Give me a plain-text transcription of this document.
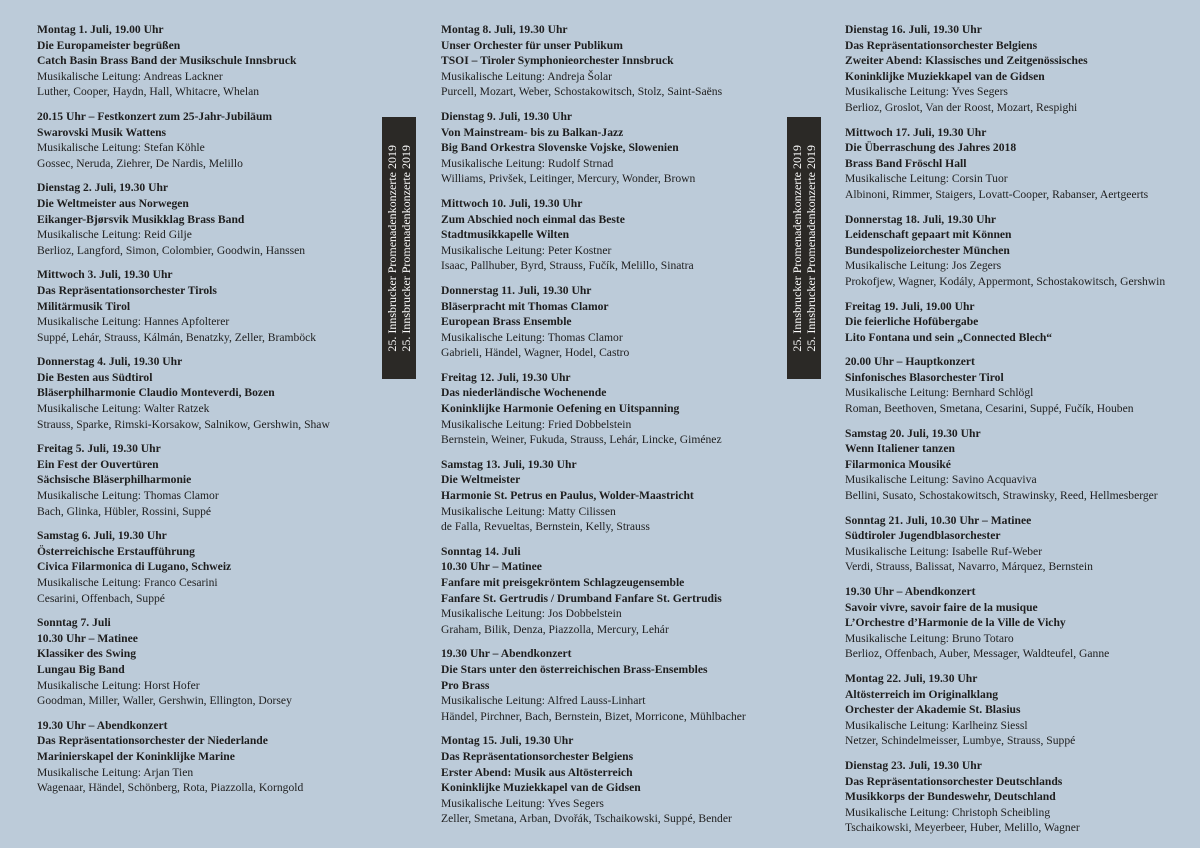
Montag 1. Juli, 19.00 Uhr
Die Europameister begrüßen
Catch Basin Brass Band der Musikschule Innsbruck
Musikalische Leitung: Andreas Lackner
Luther, Cooper, Haydn, Hall, Whitacre, Whelan
20.15 Uhr – Festkonzert zum 25-Jahr-Jubiläum
Swarovski Musik Wattens
Musikalische Leitung: Stefan Köhle
Gossec, Neruda, Ziehrer, De Nardis, Melillo
Dienstag 2. Juli, 19.30 Uhr
Die Weltmeister aus Norwegen
Eikanger-Bjørsvik Musikklag Brass Band
Musikalische Leitung: Reid Gilje
Berlioz, Langford, Simon, Colombier, Goodwin, Hanssen
Mittwoch 3. Juli, 19.30 Uhr
Das Repräsentationsorchester Tirols
Militärmusik Tirol
Musikalische Leitung: Hannes Apfolterer
Suppé, Lehár, Strauss, Kálmán, Benatzky, Zeller, Bramböck
Donnerstag 4. Juli, 19.30 Uhr
Die Besten aus Südtirol
Bläserphilharmonie Claudio Monteverdi, Bozen
Musikalische Leitung: Walter Ratzek
Strauss, Sparke, Rimski-Korsakow, Salnikow, Gershwin, Shaw
Freitag 5. Juli, 19.30 Uhr
Ein Fest der Ouvertüren
Sächsische Bläserphilharmonie
Musikalische Leitung: Thomas Clamor
Bach, Glinka, Hübler, Rossini, Suppé
Samstag 6. Juli, 19.30 Uhr
Österreichische Erstaufführung
Civica Filarmonica di Lugano, Schweiz
Musikalische Leitung: Franco Cesarini
Cesarini, Offenbach, Suppé
Sonntag 7. Juli
10.30 Uhr – Matinee
Klassiker des Swing
Lungau Big Band
Musikalische Leitung: Horst Hofer
Goodman, Miller, Waller, Gershwin, Ellington, Dorsey
19.30 Uhr – Abendkonzert
Das Repräsentationsorchester der Niederlande
Marinierskapel der Koninklijke Marine
Musikalische Leitung: Arjan Tien
Wagenaar, Händel, Schönberg, Rota, Piazzolla, Korngold
25. Innsbrucker Promenadenkonzerte 2019 25. Innsbrucker Promenadenkonzerte 2019
Montag 8. Juli, 19.30 Uhr
Unser Orchester für unser Publikum
TSOI – Tiroler Symphonieorchester Innsbruck
Musikalische Leitung: Andreja Šolar
Purcell, Mozart, Weber, Schostakowitsch, Stolz, Saint-Saëns
Dienstag 9. Juli, 19.30 Uhr
Von Mainstream- bis zu Balkan-Jazz
Big Band Orkestra Slovenske Vojske, Slowenien
Musikalische Leitung: Rudolf Strnad
Williams, Privšek, Leitinger, Mercury, Wonder, Brown
Mittwoch 10. Juli, 19.30 Uhr
Zum Abschied noch einmal das Beste
Stadtmusikkapelle Wilten
Musikalische Leitung: Peter Kostner
Isaac, Pallhuber, Byrd, Strauss, Fučík, Melillo, Sinatra
Donnerstag 11. Juli, 19.30 Uhr
Bläserpracht mit Thomas Clamor
European Brass Ensemble
Musikalische Leitung: Thomas Clamor
Gabrieli, Händel, Wagner, Hodel, Castro
Freitag 12. Juli, 19.30 Uhr
Das niederländische Wochenende
Koninklijke Harmonie Oefening en Uitspanning
Musikalische Leitung: Fried Dobbelstein
Bernstein, Weiner, Fukuda, Strauss, Lehár, Lincke, Giménez
Samstag 13. Juli, 19.30 Uhr
Die Weltmeister
Harmonie St. Petrus en Paulus, Wolder-Maastricht
Musikalische Leitung: Matty Cilissen
de Falla, Revueltas, Bernstein, Kelly, Strauss
Sonntag 14. Juli
10.30 Uhr – Matinee
Fanfare mit preisgekröntem Schlagzeugensemble
Fanfare St. Gertrudis / Drumband Fanfare St. Gertrudis
Musikalische Leitung: Jos Dobbelstein
Graham, Bilik, Denza, Piazzolla, Mercury, Lehár
19.30 Uhr – Abendkonzert
Die Stars unter den österreichischen Brass-Ensembles
Pro Brass
Musikalische Leitung: Alfred Lauss-Linhart
Händel, Pirchner, Bach, Bernstein, Bizet, Morricone, Mühlbacher
Montag 15. Juli, 19.30 Uhr
Das Repräsentationsorchester Belgiens
Erster Abend: Musik aus Altösterreich
Koninklijke Muziekkapel van de Gidsen
Musikalische Leitung: Yves Segers
Zeller, Smetana, Arban, Dvořák, Tschaikowski, Suppé, Bender
25. Innsbrucker Promenadenkonzerte 2019 25. Innsbrucker Promenadenkonzerte 2019
Dienstag 16. Juli, 19.30 Uhr
Das Repräsentationsorchester Belgiens
Zweiter Abend: Klassisches und Zeitgenössisches
Koninklijke Muziekkapel van de Gidsen
Musikalische Leitung: Yves Segers
Berlioz, Groslot, Van der Roost, Mozart, Respighi
Mittwoch 17. Juli, 19.30 Uhr
Die Überraschung des Jahres 2018
Brass Band Fröschl Hall
Musikalische Leitung: Corsin Tuor
Albinoni, Rimmer, Staigers, Lovatt-Cooper, Rabanser, Aertgeerts
Donnerstag 18. Juli, 19.30 Uhr
Leidenschaft gepaart mit Können
Bundespolizeiorchester München
Musikalische Leitung: Jos Zegers
Prokofjew, Wagner, Kodály, Appermont, Schostakowitsch, Gershwin
Freitag 19. Juli, 19.00 Uhr
Die feierliche Hofübergabe
Lito Fontana und sein „Connected Blech“
20.00 Uhr – Hauptkonzert
Sinfonisches Blasorchester Tirol
Musikalische Leitung: Bernhard Schlögl
Roman, Beethoven, Smetana, Cesarini, Suppé, Fučík, Houben
Samstag 20. Juli, 19.30 Uhr
Wenn Italiener tanzen
Filarmonica Mousiké
Musikalische Leitung: Savino Acquaviva
Bellini, Susato, Schostakowitsch, Strawinsky, Reed, Hellmesberger
Sonntag 21. Juli, 10.30 Uhr – Matinee
Südtiroler Jugendblasorchester
Musikalische Leitung: Isabelle Ruf-Weber
Verdi, Strauss, Balissat, Navarro, Márquez, Bernstein
19.30 Uhr – Abendkonzert
Savoir vivre, savoir faire de la musique
L’Orchestre d’Harmonie de la Ville de Vichy
Musikalische Leitung: Bruno Totaro
Berlioz, Offenbach, Auber, Messager, Waldteufel, Ganne
Montag 22. Juli, 19.30 Uhr
Altösterreich im Originalklang
Orchester der Akademie St. Blasius
Musikalische Leitung: Karlheinz Siessl
Netzer, Schindelmeisser, Lumbye, Strauss, Suppé
Dienstag 23. Juli, 19.30 Uhr
Das Repräsentationsorchester Deutschlands
Musikkorps der Bundeswehr, Deutschland
Musikalische Leitung: Christoph Scheibling
Tschaikowski, Meyerbeer, Huber, Melillo, Wagner
